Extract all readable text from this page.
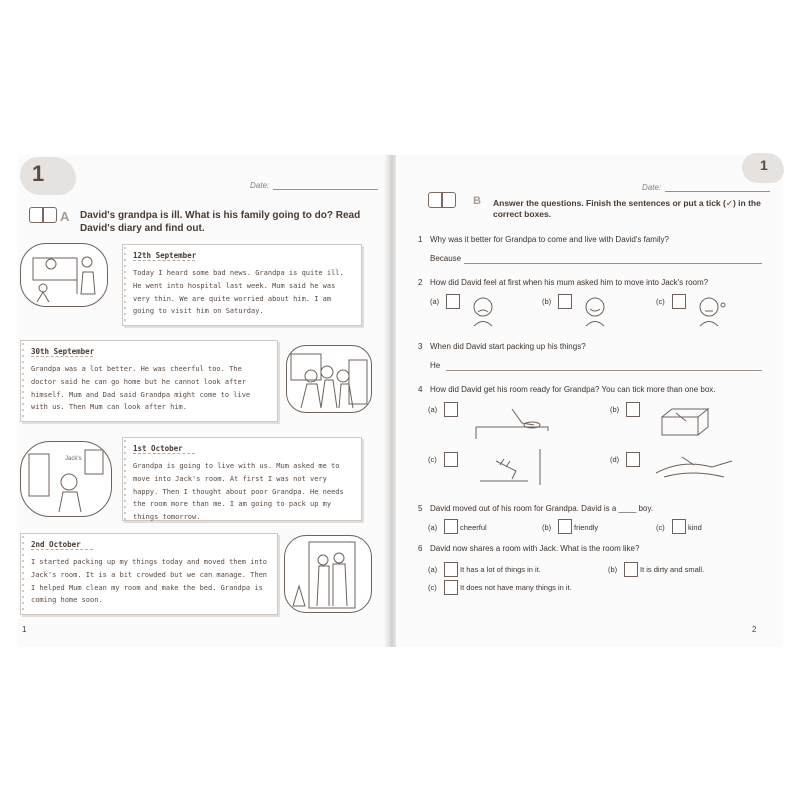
1	Date:
A David's grandpa is ill. What is his family going to do? Read David's diary and find out.
12th September
Today I heard some bad news. Grandpa is quite ill. He went into hospital last week. Mum said he was very thin. We are quite worried about him. I am going to visit him on Saturday.
30th September
Grandpa was a lot better. He was cheerful too. The doctor said he can go home but he cannot look after himself. Mum and Dad said Grandpa might come to live with us. Then Mum can look after him.
Jack's
1st October
Grandpa is going to live with us. Mum asked me to move into Jack's room. At first I was not very happy. Then I thought about poor Grandpa. He needs the room more than me. I am going to pack up my things tomorrow.
2nd October
I started packing up my things today and moved them into Jack's room. It is a bit crowded but we can manage. Then I helped Mum clean my room and make the bed. Grandpa is coming home soon.
1
1
Date:
B Answer the questions. Finish the sentences or put a tick (✓) in the correct boxes.
1 Why was it better for Grandpa to come and live with David's family?
Because
2 How did David feel at first when his mum asked him to move into Jack's room?
(a)	(b)	(c)
3 When did David start packing up his things?
He
4 How did David get his room ready for Grandpa? You can tick more than one box.
(a)	(b)
(c)	(d)
5 David moved out of his room for Grandpa. David is a ____ boy.
(a)	cheerful	(b)	friendly	(c)	kind
6 David now shares a room with Jack. What is the room like?
(a)	It has a lot of things in it.	(b)	It is dirty and small.
(c)	It does not have many things in it.
2
